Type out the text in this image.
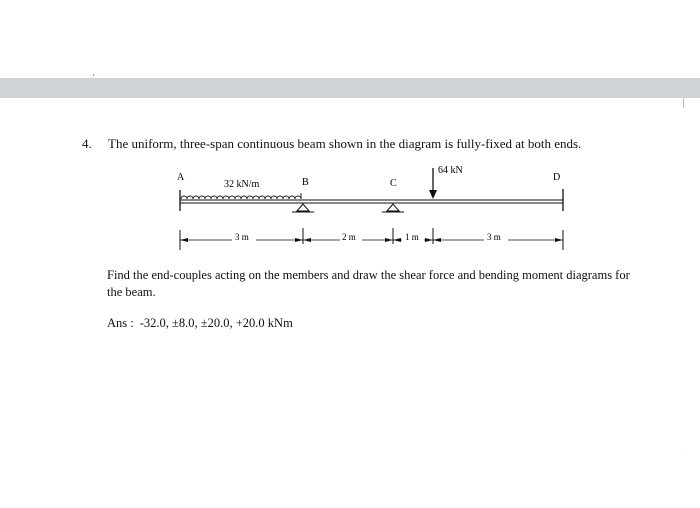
·
4. The uniform, three-span continuous beam shown in the diagram is fully-fixed at both ends.
A	B	C
D
32 kN/m
64 kN
3 m	2 m	1 m	3 m
Find the end-couples acting on the members and draw the shear force and bending moment diagrams for the beam.
Ans : -32.0, ±8.0, ±20.0, +20.0 kNm
·
